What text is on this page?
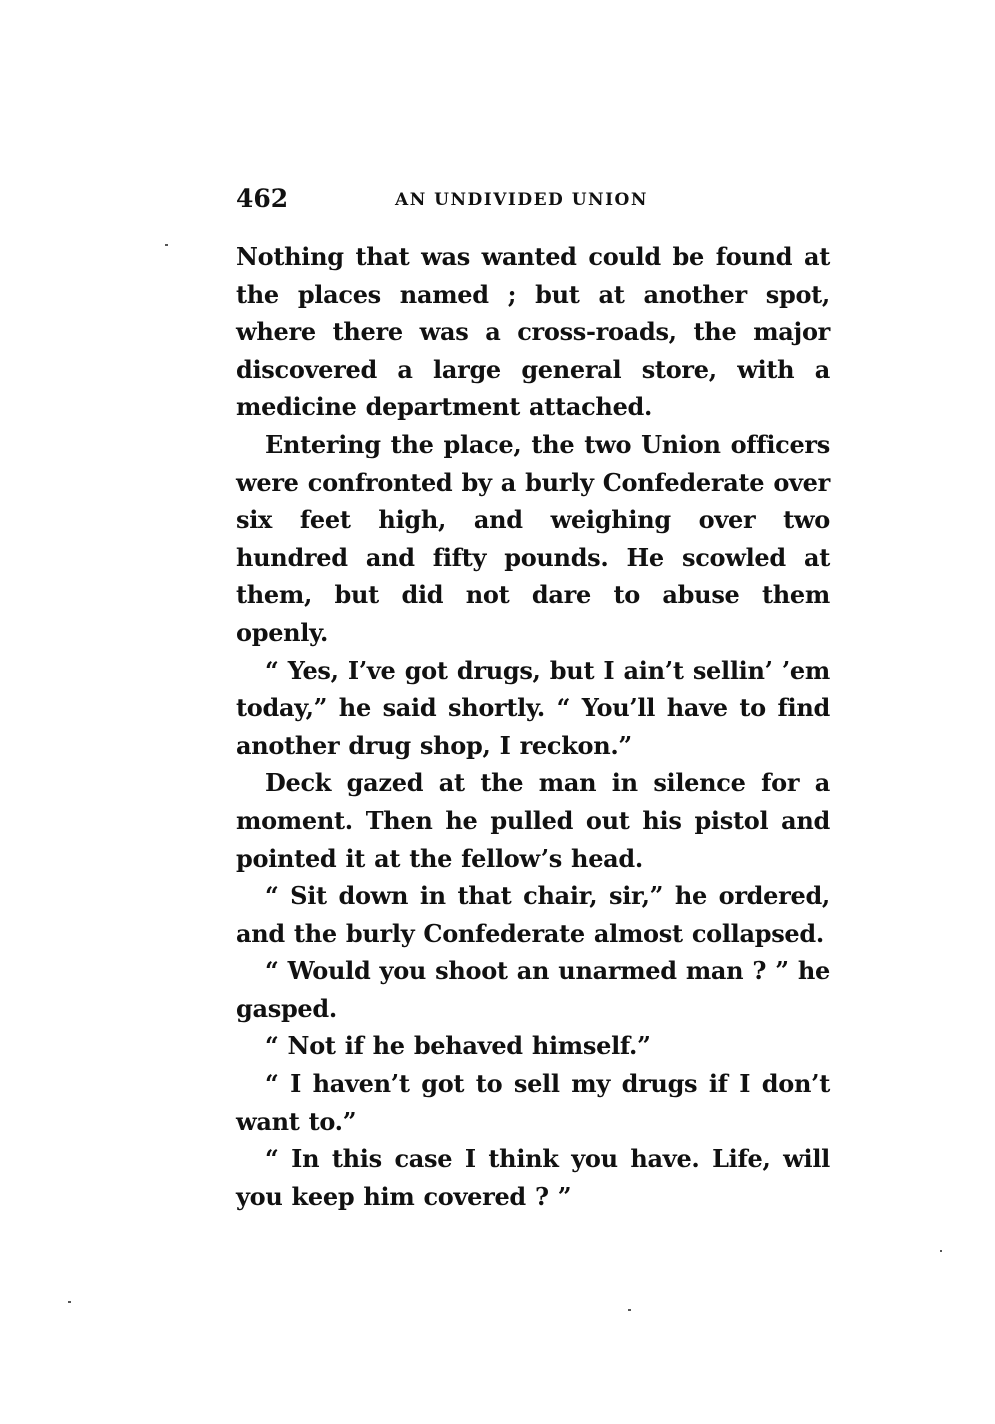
462	AN UNDIVIDED UNION

Nothing that was wanted could be found at the places named ; but at another spot, where there was a cross-roads, the major discovered a large general store, with a medicine department attached.

Entering the place, the two Union officers were confronted by a burly Confederate over six feet high, and weighing over two hundred and fifty pounds. He scowled at them, but did not dare to abuse them openly.

“ Yes, I’ve got drugs, but I ain’t sellin’ ’em today,” he said shortly. “ You’ll have to find another drug shop, I reckon.”

Deck gazed at the man in silence for a moment. Then he pulled out his pistol and pointed it at the fellow’s head.

“ Sit down in that chair, sir,” he ordered, and the burly Confederate almost collapsed.

“ Would you shoot an unarmed man ? ” he gasped.

“ Not if he behaved himself.”

“ I haven’t got to sell my drugs if I don’t want to.”

“ In this case I think you have. Life, will you keep him covered ? ”
